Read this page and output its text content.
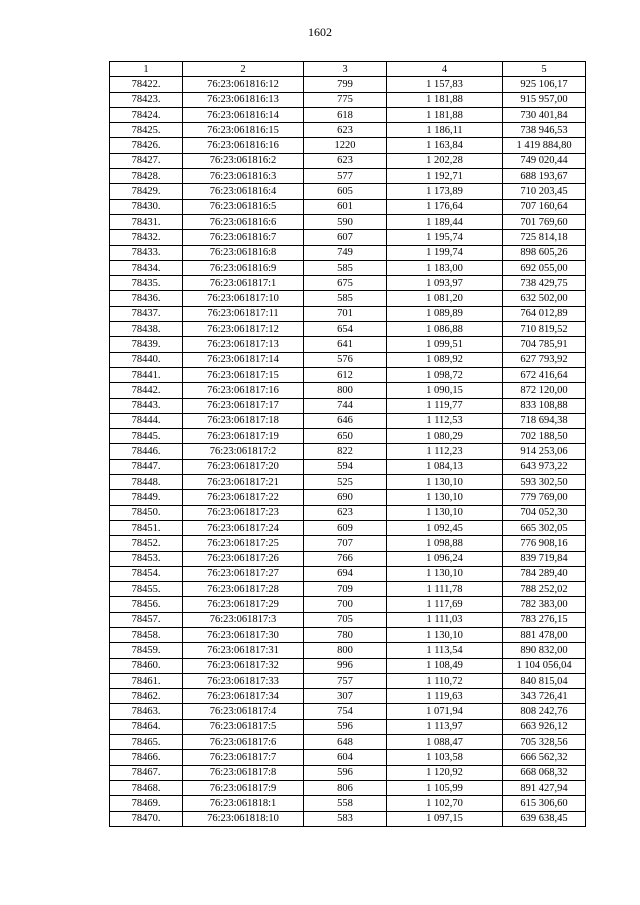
1602
1	2	3	4	5
78422.	76:23:061816:12	799	1 157,83	925 106,17
78423.	76:23:061816:13	775	1 181,88	915 957,00
78424.	76:23:061816:14	618	1 181,88	730 401,84
78425.	76:23:061816:15	623	1 186,11	738 946,53
78426.	76:23:061816:16	1220	1 163,84	1 419 884,80
78427.	76:23:061816:2	623	1 202,28	749 020,44
78428.	76:23:061816:3	577	1 192,71	688 193,67
78429.	76:23:061816:4	605	1 173,89	710 203,45
78430.	76:23:061816:5	601	1 176,64	707 160,64
78431.	76:23:061816:6	590	1 189,44	701 769,60
78432.	76:23:061816:7	607	1 195,74	725 814,18
78433.	76:23:061816:8	749	1 199,74	898 605,26
78434.	76:23:061816:9	585	1 183,00	692 055,00
78435.	76:23:061817:1	675	1 093,97	738 429,75
78436.	76:23:061817:10	585	1 081,20	632 502,00
78437.	76:23:061817:11	701	1 089,89	764 012,89
78438.	76:23:061817:12	654	1 086,88	710 819,52
78439.	76:23:061817:13	641	1 099,51	704 785,91
78440.	76:23:061817:14	576	1 089,92	627 793,92
78441.	76:23:061817:15	612	1 098,72	672 416,64
78442.	76:23:061817:16	800	1 090,15	872 120,00
78443.	76:23:061817:17	744	1 119,77	833 108,88
78444.	76:23:061817:18	646	1 112,53	718 694,38
78445.	76:23:061817:19	650	1 080,29	702 188,50
78446.	76:23:061817:2	822	1 112,23	914 253,06
78447.	76:23:061817:20	594	1 084,13	643 973,22
78448.	76:23:061817:21	525	1 130,10	593 302,50
78449.	76:23:061817:22	690	1 130,10	779 769,00
78450.	76:23:061817:23	623	1 130,10	704 052,30
78451.	76:23:061817:24	609	1 092,45	665 302,05
78452.	76:23:061817:25	707	1 098,88	776 908,16
78453.	76:23:061817:26	766	1 096,24	839 719,84
78454.	76:23:061817:27	694	1 130,10	784 289,40
78455.	76:23:061817:28	709	1 111,78	788 252,02
78456.	76:23:061817:29	700	1 117,69	782 383,00
78457.	76:23:061817:3	705	1 111,03	783 276,15
78458.	76:23:061817:30	780	1 130,10	881 478,00
78459.	76:23:061817:31	800	1 113,54	890 832,00
78460.	76:23:061817:32	996	1 108,49	1 104 056,04
78461.	76:23:061817:33	757	1 110,72	840 815,04
78462.	76:23:061817:34	307	1 119,63	343 726,41
78463.	76:23:061817:4	754	1 071,94	808 242,76
78464.	76:23:061817:5	596	1 113,97	663 926,12
78465.	76:23:061817:6	648	1 088,47	705 328,56
78466.	76:23:061817:7	604	1 103,58	666 562,32
78467.	76:23:061817:8	596	1 120,92	668 068,32
78468.	76:23:061817:9	806	1 105,99	891 427,94
78469.	76:23:061818:1	558	1 102,70	615 306,60
78470.	76:23:061818:10	583	1 097,15	639 638,45
